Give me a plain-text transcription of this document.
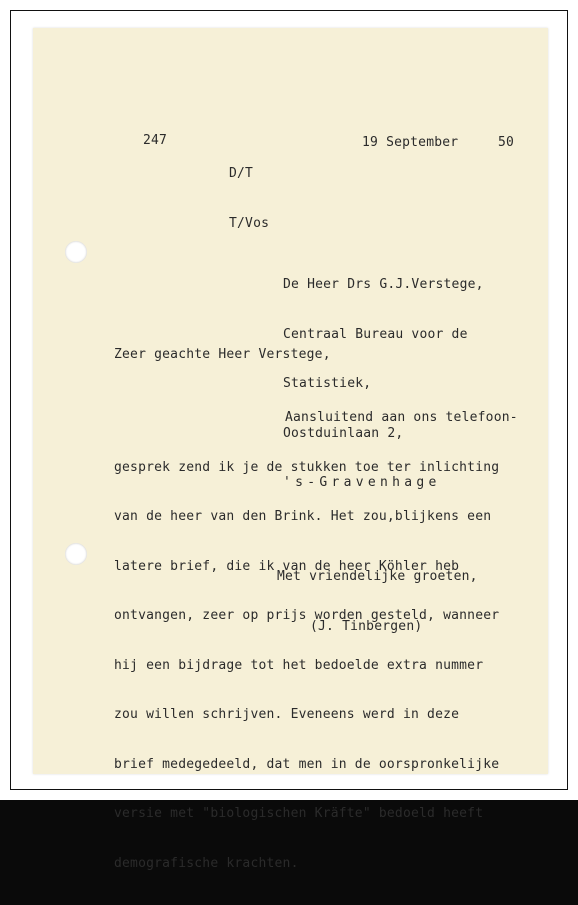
247

D/T

T/Vos

19 September	50

De Heer Drs G.J.Verstege,

Centraal Bureau voor de

Statistiek,

Oostduinlaan 2,

's-Gravenhage

Zeer geachte Heer Verstege,

Aansluitend aan ons telefoon-

gesprek zend ik je de stukken toe ter inlichting

van de heer van den Brink. Het zou,blijkens een

latere brief, die ik van de heer Köhler heb

ontvangen, zeer op prijs worden gesteld, wanneer

hij een bijdrage tot het bedoelde extra nummer

zou willen schrijven. Eveneens werd in deze

brief medegedeeld, dat men in de oorspronkelijke

versie met "biologischen Kräfte" bedoeld heeft

demografische krachten.

Met vriendelijke groeten,
(J. Tinbergen)
